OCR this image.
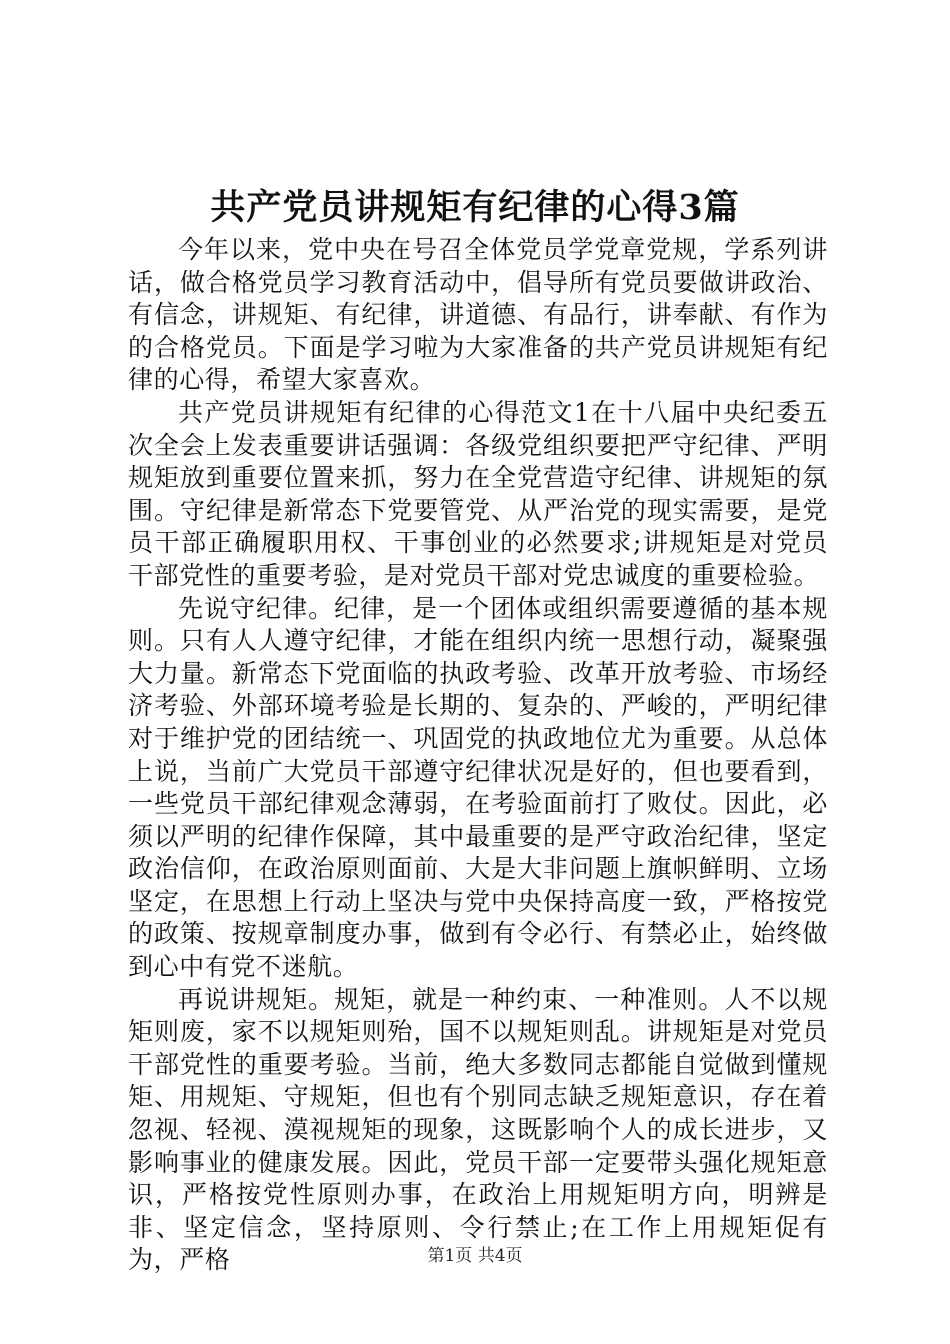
共产党员讲规矩有纪律的心得3篇

今年以来，党中央在号召全体党员学党章党规，学系列讲话，做合格党员学习教育活动中，倡导所有党员要做讲政治、有信念，讲规矩、有纪律，讲道德、有品行，讲奉献、有作为的合格党员。下面是学习啦为大家准备的共产党员讲规矩有纪律的心得，希望大家喜欢。

共产党员讲规矩有纪律的心得范文1在十八届中央纪委五次全会上发表重要讲话强调：各级党组织要把严守纪律、严明规矩放到重要位置来抓，努力在全党营造守纪律、讲规矩的氛围。守纪律是新常态下党要管党、从严治党的现实需要，是党员干部正确履职用权、干事创业的必然要求;讲规矩是对党员干部党性的重要考验，是对党员干部对党忠诚度的重要检验。

先说守纪律。纪律，是一个团体或组织需要遵循的基本规则。只有人人遵守纪律，才能在组织内统一思想行动，凝聚强大力量。新常态下党面临的执政考验、改革开放考验、市场经济考验、外部环境考验是长期的、复杂的、严峻的，严明纪律对于维护党的团结统一、巩固党的执政地位尤为重要。从总体上说，当前广大党员干部遵守纪律状况是好的，但也要看到，一些党员干部纪律观念薄弱，在考验面前打了败仗。因此，必须以严明的纪律作保障，其中最重要的是严守政治纪律，坚定政治信仰，在政治原则面前、大是大非问题上旗帜鲜明、立场坚定，在思想上行动上坚决与党中央保持高度一致，严格按党的政策、按规章制度办事，做到有令必行、有禁必止，始终做到心中有党不迷航。

再说讲规矩。规矩，就是一种约束、一种准则。人不以规矩则废，家不以规矩则殆，国不以规矩则乱。讲规矩是对党员干部党性的重要考验。当前，绝大多数同志都能自觉做到懂规矩、用规矩、守规矩，但也有个别同志缺乏规矩意识，存在着忽视、轻视、漠视规矩的现象，这既影响个人的成长进步，又影响事业的健康发展。因此，党员干部一定要带头强化规矩意识，严格按党性原则办事，在政治上用规矩明方向，明辨是非、坚定信念，坚持原则、令行禁止;在工作上用规矩促有为，严格	第1页 共4页
